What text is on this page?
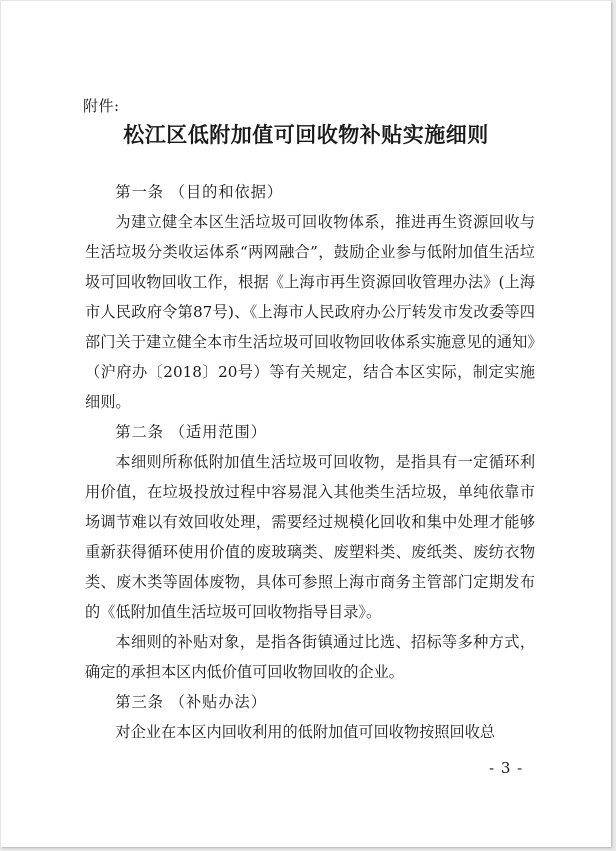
附件:
松江区低附加值可回收物补贴实施细则

第一条 （目的和依据）

为建立健全本区生活垃圾可回收物体系，推进再生资源回收与生活垃圾分类收运体系“两网融合”，鼓励企业参与低附加值生活垃圾可回收物回收工作，根据《上海市再生资源回收管理办法》(上海市人民政府令第87号)、《上海市人民政府办公厅转发市发改委等四部门关于建立健全本市生活垃圾可回收物回收体系实施意见的通知》（沪府办〔2018〕20号）等有关规定，结合本区实际，制定实施细则。

第二条 （适用范围）

本细则所称低附加值生活垃圾可回收物，是指具有一定循环利用价值，在垃圾投放过程中容易混入其他类生活垃圾，单纯依靠市场调节难以有效回收处理，需要经过规模化回收和集中处理才能够重新获得循环使用价值的废玻璃类、废塑料类、废纸类、废纺衣物类、废木类等固体废物，具体可参照上海市商务主管部门定期发布的《低附加值生活垃圾可回收物指导目录》。

本细则的补贴对象，是指各街镇通过比选、招标等多种方式，确定的承担本区内低价值可回收物回收的企业。

第三条 （补贴办法）

对企业在本区内回收利用的低附加值可回收物按照回收总

- 3 -
